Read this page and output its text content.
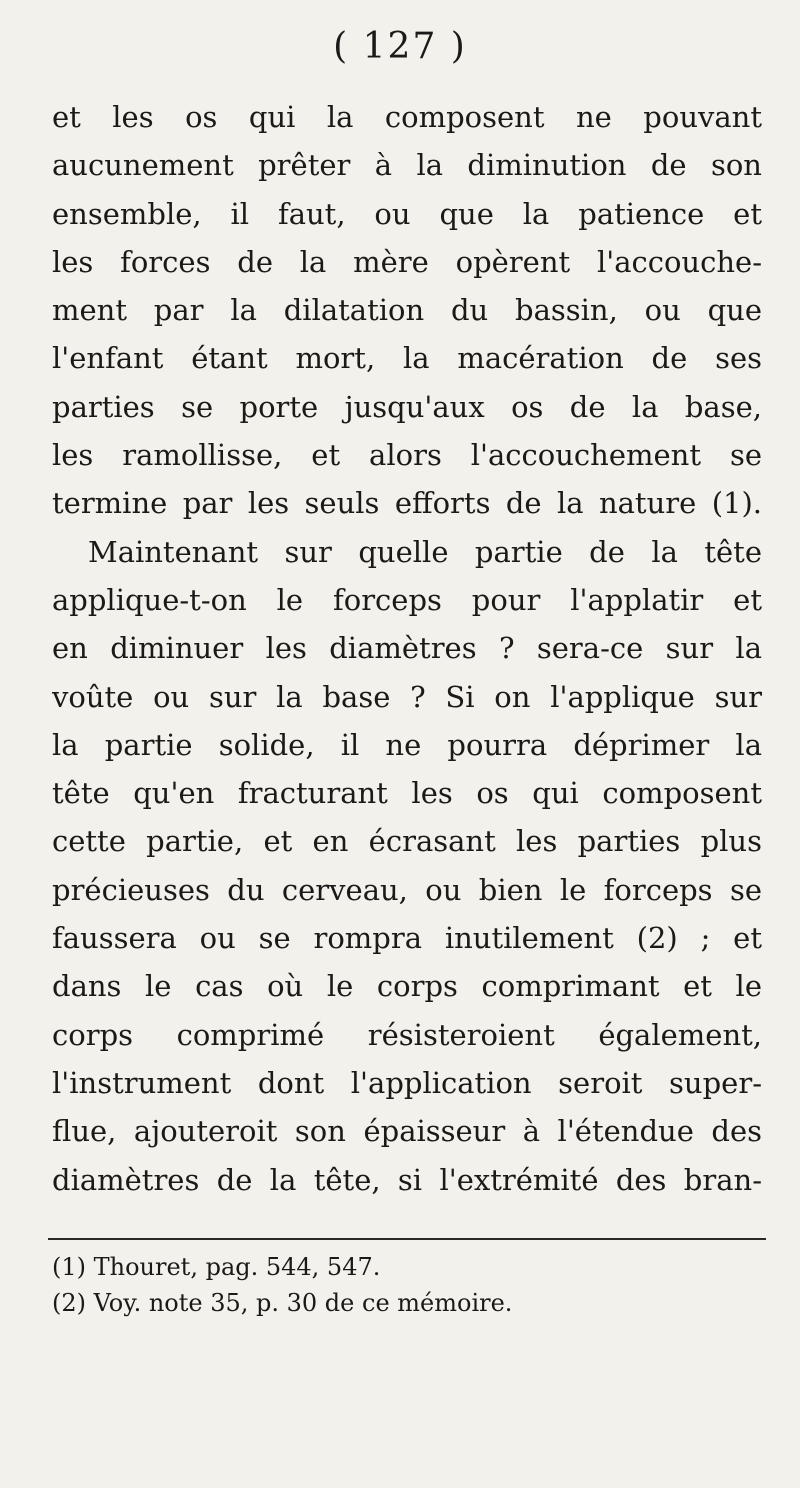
( 127 )
et les os qui la composent ne pouvant
aucunement prêter à la diminution de son
ensemble, il faut, ou que la patience et
les forces de la mère opèrent l'accouche-
ment par la dilatation du bassin, ou que
l'enfant étant mort, la macération de ses
parties se porte jusqu'aux os de la base,
les ramollisse, et alors l'accouchement se
termine par les seuls efforts de la nature (1).
Maintenant sur quelle partie de la tête
applique-t-on le forceps pour l'applatir et
en diminuer les diamètres ? sera-ce sur la
voûte ou sur la base ? Si on l'applique sur
la partie solide, il ne pourra déprimer la
tête qu'en fracturant les os qui composent
cette partie, et en écrasant les parties plus
précieuses du cerveau, ou bien le forceps se
faussera ou se rompra inutilement (2) ; et
dans le cas où le corps comprimant et le
corps comprimé résisteroient également,
l'instrument dont l'application seroit super-
flue, ajouteroit son épaisseur à l'étendue des
diamètres de la tête, si l'extrémité des bran-
(1) Thouret, pag. 544, 547.
(2) Voy. note 35, p. 30 de ce mémoire.
